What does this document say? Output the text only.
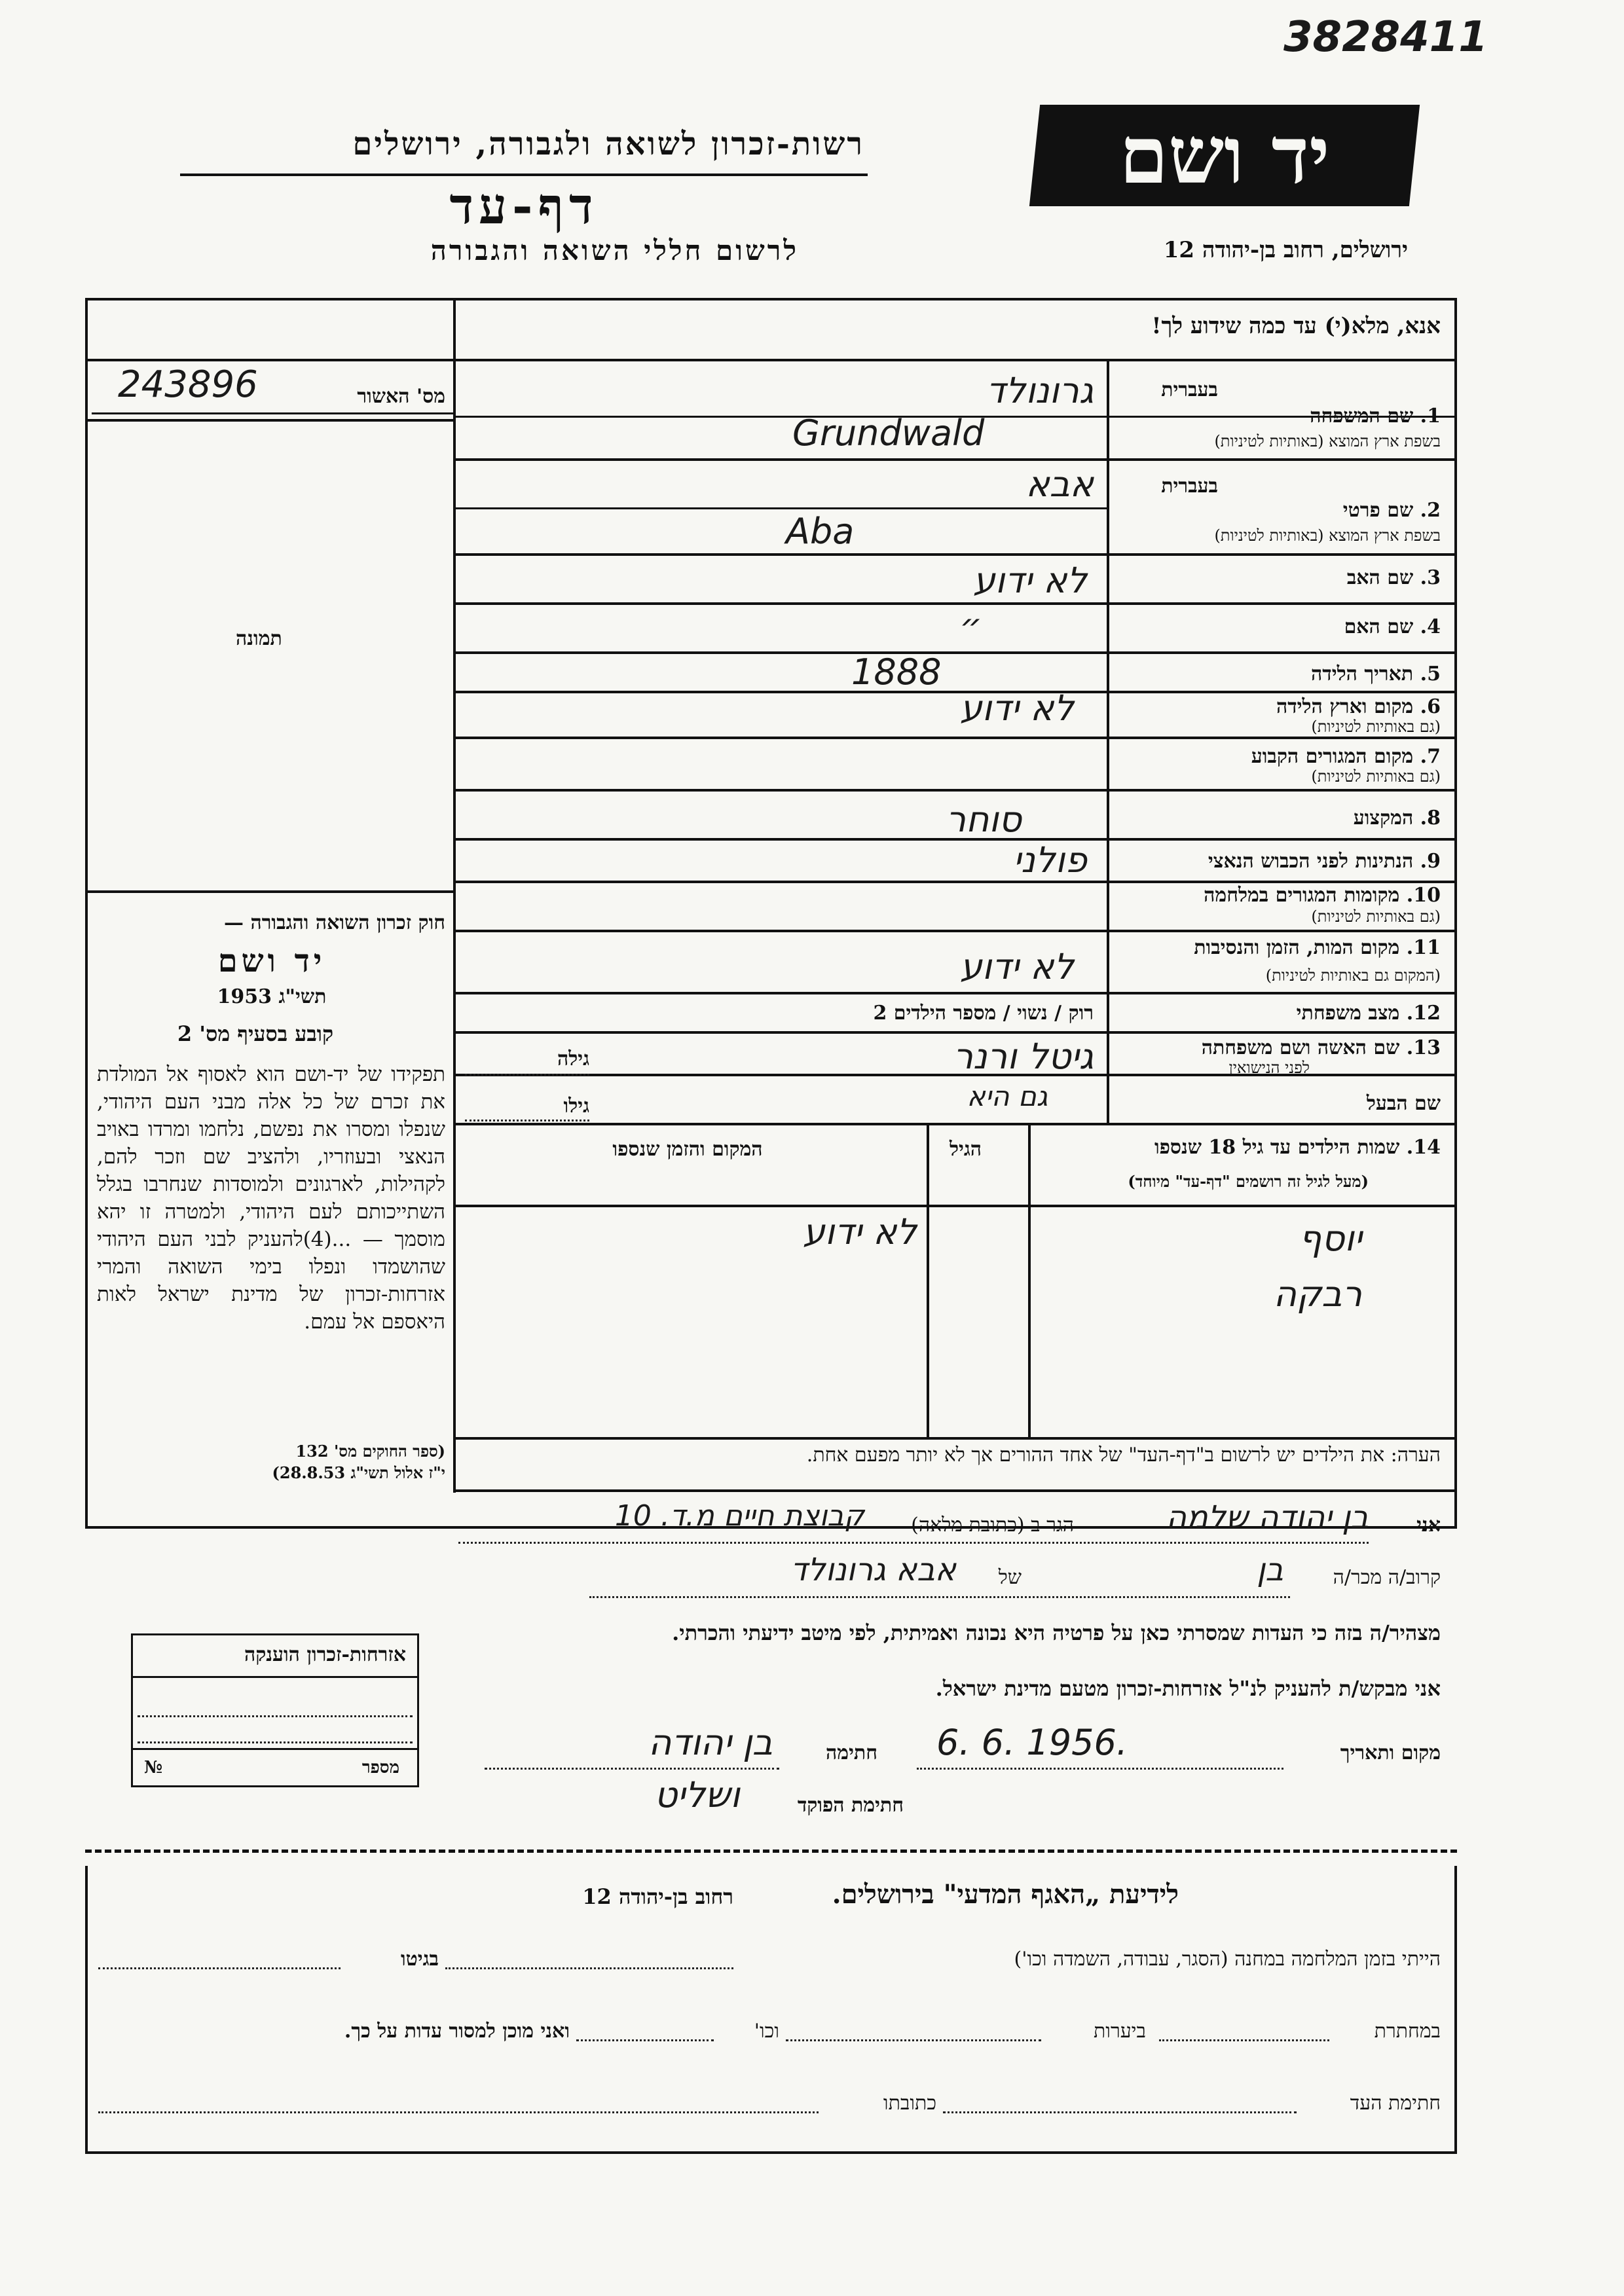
3828411
רשות-זכרון לשואה ולגבורה, ירושלים
דף-עד
לרשום חללי השואה והגבורה
יד ושם
ירושלים, רחוב בן-יהודה 12
אנא, מלא(י) עד כמה שידוע לך!
מס' האשור
243896
תמונה
חוק זכרון השואה והגבורה —
יד ושם
תשי"ג 1953
קובע בסעיף מס' 2
תפקידו של יד-ושם הוא לאסוף אל המולדת את זכרם של כל אלה מבני העם היהודי, שנפלו ומסרו את נפשם, נלחמו ומרדו באויב הנאצי ובעוזריו, ולהציב שם וזכר להם, לקהילות, לארגונים ולמוסדות שנחרבו בגלל השתייכותם לעם היהודי, ולמטרה זו יהא מוסמך — ...(4)להעניק לבני העם היהודי שהושמדו ונפלו בימי השואה והמרי אזרחות-זכרון של מדינת ישראל לאות היאספם אל עמם.
(ספר החוקים מס' 132
י"ז אלול תשי"ג 28.8.53)
בעברית
1. שם המשפחה
בשפת ארץ המוצא (באותיות לטיניות)
גרונולד
Grundwald
בעברית
2. שם פרטי
בשפת ארץ המוצא (באותיות לטיניות)
אבא
Aba
3. שם האב
לא ידוע
4. שם האם
״
5. תאריך הלידה
1888
6. מקום וארץ הלידה
(גם באותיות לטיניות)
לא ידוע
7. מקום המגורים הקבוע
(גם באותיות לטיניות)
8. המקצוע
סוחר
9. הנתינות לפני הכבוש הנאצי
פולני
10. מקומות המגורים במלחמה
(גם באותיות לטיניות)
11. מקום המות, הזמן והנסיבות
(המקום גם באותיות לטיניות)
לא ידוע
12. מצב משפחתי
רוק / נשוי / מספר הילדים 2
13. שם האשה ושם משפחתה
לפני הנישואין
גיטל ורנר
גילה
שם הבעל
גם היא
גילו
14. שמות הילדים עד גיל 18 שנספו
(מעל לגיל זה רושמים "דף-עד" מיוחד)
הגיל
המקום והזמן שנספו
יוסף
לא ידוע
רבקה
הערה: את הילדים יש לרשום ב"דף-העד" של אחד ההורים אך לא יותר מפעם אחת.
אני
בן יהודה שלמה
הגר ב (כתובת מלאה)
קבוצת חיים מ.ד. 10
קרוב/ה מכר/ה
בן
של
אבא גרונולד
מצהיר/ה בזה כי העדות שמסרתי כאן על פרטיה היא נכונה ואמיתית, לפי מיטב ידיעתי והכרתי.
אני מבקש/ת להעניק לנ"ל אזרחות-זכרון מטעם מדינת ישראל.
מקום ותאריך
6. 6. 1956.
חתימה
בן יהודה
חתימת הפוקד
ושליט
אזרחות-זכרון הוענקה
№	מספר
לידיעת „האגף המדעי" בירושלים.
רחוב בן-יהודה 12
הייתי בזמן המלחמה במחנה (הסגר, עבודה, השמדה וכו')
בגיטו
במחתרת
ביערות
וכו'
ואני מוכן למסור עדות על כך.
חתימת העד
כתובתו
